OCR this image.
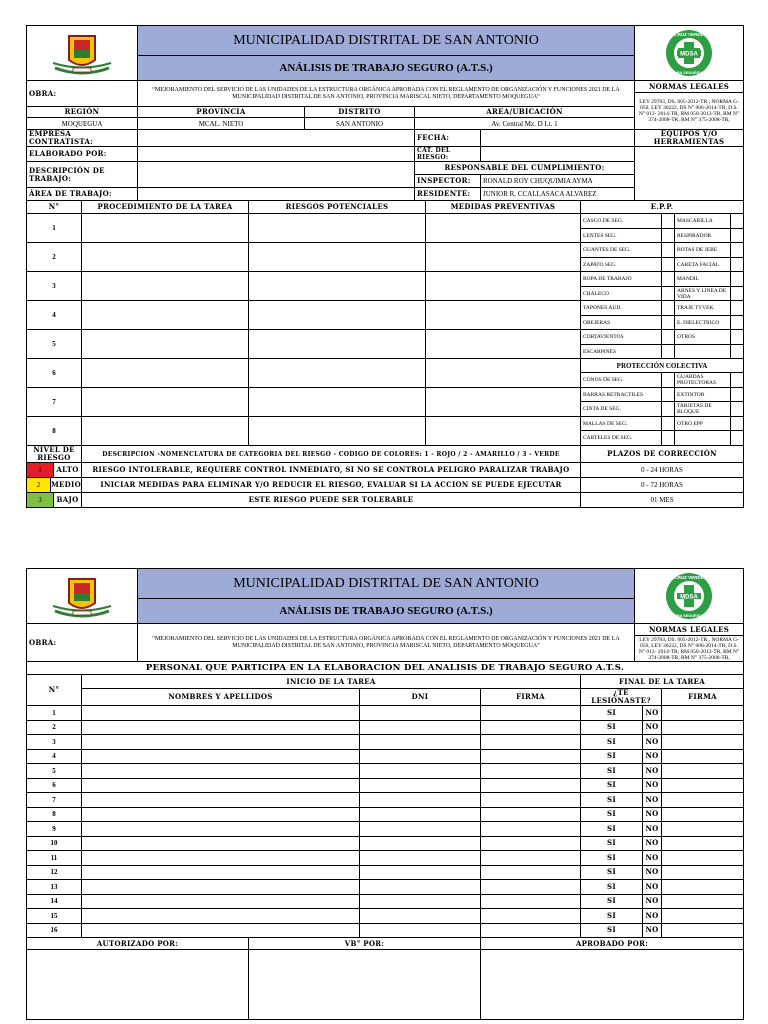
	MUNICIPALIDAD DISTRITAL DE SAN ANTONIO				MDSA
CRUZ VERDE
PARA SEGURIDAD

	ANÁLISIS DE TRABAJO SEGURO (A.T.S.)				
OBRA:	“MEJORAMIENTO DEL SERVICIO DE LAS UNIDADES DE LA ESTRUCTURA ORGÁNICA APROBADA CON EL REGLAMENTO DE ORGANIZACIÓN Y FUNCIONES 2021 DE LA MUNICIPALIDAD DISTRITAL DE SAN ANTONIO, PROVINCIA MARISCAL NIETO, DEPARTAMENTO MOQUEGUA”				NORMAS LEGALES
					LEY 29783, DS. 005-2012-TR., NORMA G-050, LEY 30222, DS N° 006-2014-TR, D.S. N° 012- 2014-TR, RM 050-2013-TR, RM N° 374-2008-TR, RM N° 375-2008-TR,
REGIÓN	PROVINCIA	DISTRITO	AREA/UBICACIÓN		
MOQUEGUA	MCAL. NIETO	SAN ANTONIO	Av. Central Mz. D Lt. 1		
EMPRESA CONTRATISTA:			FECHA:		EQUIPOS Y/O HERRAMIENTAS
ELABORADO POR:			CAT. DEL RIESGO:		
DESCRIPCIÓN DE TRABAJO:			RESPONSABLE DEL CUMPLIMIENTO:		
			INSPECTOR:	RONALD ROY CHUQUIMIA AYMA	
ÁREA DE TRABAJO:			RESIDENTE:	JUNIOR R. CCALLASACA ALVAREZ	
N°	PROCEDIMIENTO DE LA TAREA	RIESGOS POTENCIALES	MEDIDAS PREVENTIVAS	E.P.P.			
1				CASCO DE SEG.		MASCARILLA	
				LENTES SEG.		RESPIRADOR	
2				GUANTES DE SEG.		BOTAS DE JEBE	
				ZAPATO SEG.		CARETA FACIAL	
3				ROPA DE TRABAJO		MANDIL	
				CHALECO		ARNES Y LINEA DE VIDA	
4				TAPONES AUD.		TRAJE TYVEK	
				OREJERAS		E. DIELECTRICO	
5				CORTAVIENTOS		OTROS	
				ESCARPINES			
6				PROTECCIÓN COLECTIVA			
				CONOS DE SEG.		GUARDAS PROTECTORAS	
7				BARRAS RETRACTILES		EXTINTOR	
				CINTA DE SEG.		TARJETAS DE BLOQUE	
8				MALLAS DE SEG.		OTRO EPP	
				CARTELES DE SEG.			
NIVEL DE RIESGO	DESCRIPCION -NOMENCLATURA DE CATEGORIA DEL RIESGO - CODIGO DE COLORES: 1 - ROJO / 2 - AMARILLO / 3 - VERDE			PLAZOS DE CORRECCIÓN			

1 ALTO	RIESGO INTOLERABLE, REQUIERE CONTROL INMEDIATO, SI NO SE CONTROLA PELIGRO PARALIZAR TRABAJO			0 - 24 HORAS			

2 MEDIO	INICIAR MEDIDAS PARA ELIMINAR Y/O REDUCIR EL RIESGO, EVALUAR SI LA ACCION SE PUEDE EJECUTAR			0 - 72 HORAS			

3 BAJO	ESTE RIESGO PUEDE SER TOLERABLE			01 MES			
	MUNICIPALIDAD DISTRITAL DE SAN ANTONIO	MDSA
CRUZ VERDE
PARA SEGURIDAD

	ANÁLISIS DE TRABAJO SEGURO (A.T.S.)	
OBRA:	“MEJORAMIENTO DEL SERVICIO DE LAS UNIDADES DE LA ESTRUCTURA ORGÁNICA APROBADA CON EL REGLAMENTO DE ORGANIZACIÓN Y FUNCIONES 2021 DE LA MUNICIPALIDAD DISTRITAL DE SAN ANTONIO, PROVINCIA MARISCAL NIETO, DEPARTAMENTO MOQUEGUA”	NORMAS LEGALES
		LEY 29783, DS. 005-2012-TR., NORMA G-050, LEY 30222, DS N° 006-2014-TR, D.S. N° 012- 2014-TR, RM 050-2013-TR, RM N° 374-2008-TR, RM N° 375-2008-TR,
PERSONAL QUE PARTICIPA EN LA ELABORACION DEL ANALISIS DE TRABAJO SEGURO A.T.S.						
N°	INICIO DE LA TAREA			FINAL DE LA TAREA		
	NOMBRES Y APELLIDOS	DNI	FIRMA	¿TE LESIONASTE?		FIRMA
1				SI	NO	
2				SI	NO	
3				SI	NO	
4				SI	NO	
5				SI	NO	
6				SI	NO	
7				SI	NO	
8				SI	NO	
9				SI	NO	
10				SI	NO	
11				SI	NO	
12				SI	NO	
13				SI	NO	
14				SI	NO	
15				SI	NO	
16				SI	NO	
AUTORIZADO POR:	VB° POR:	APROBADO POR:
